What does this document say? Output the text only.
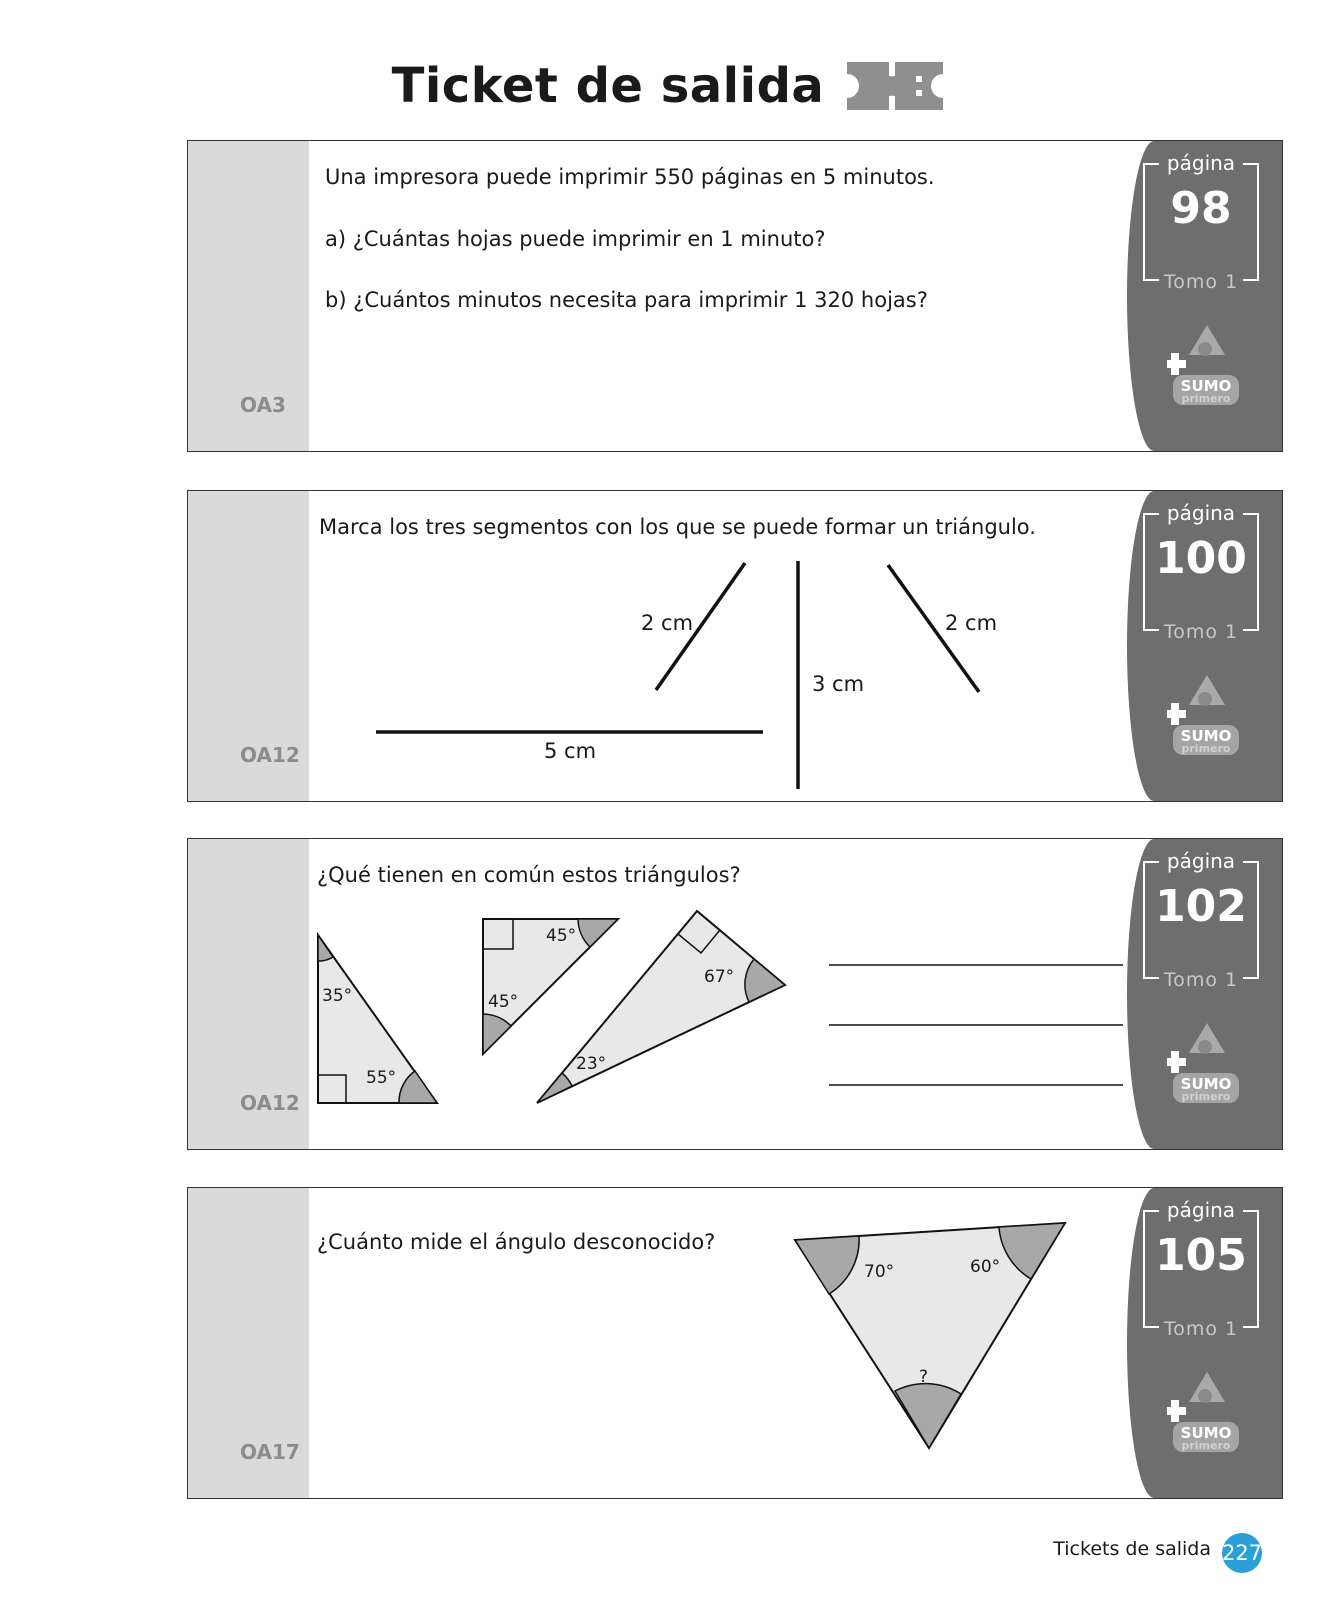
Ticket de salida
OA3
Una impresora puede imprimir 550 páginas en 5 minutos.
a) ¿Cuántas hojas puede imprimir en 1 minuto?
b) ¿Cuántos minutos necesita para imprimir 1 320 hojas?
página
98
Tomo 1
SUMO
primero
OA12
Marca los tres segmentos con los que se puede formar un triángulo.
2 cm
3 cm
2 cm
5 cm
página
100
Tomo 1
SUMO
primero
OA12
¿Qué tienen en común estos triángulos?
35°
55°
45°
45°
67°
23°
página
102
Tomo 1
SUMO
primero
OA17
¿Cuánto mide el ángulo desconocido?
70°	60°
?
página
105
Tomo 1
SUMO
primero
Tickets de salida 227
